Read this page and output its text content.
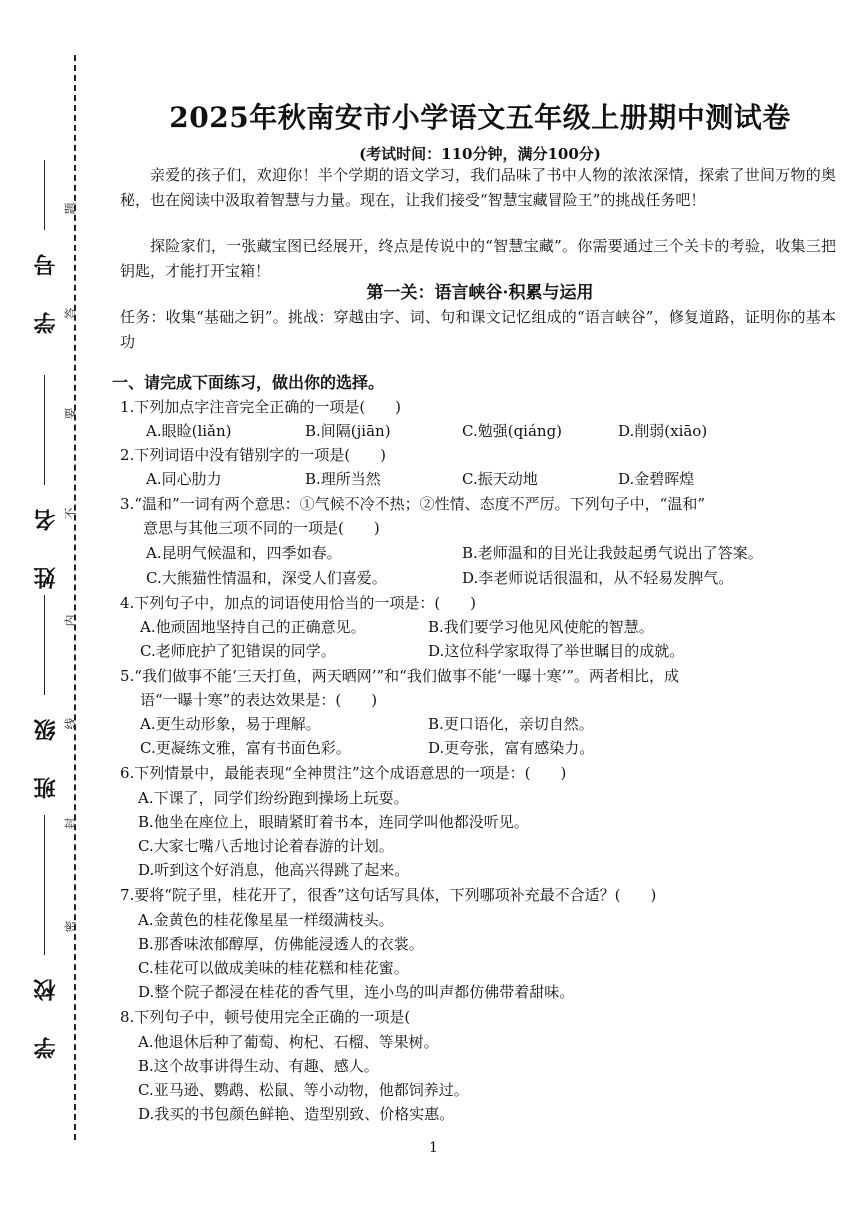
学 号
姓 名
班 级
学 校
题
答
要
不
内
线
封
密
2025年秋南安市小学语文五年级上册期中测试卷
(考试时间：110分钟，满分100分)
亲爱的孩子们，欢迎你！半个学期的语文学习，我们品味了书中人物的浓浓深情，探索了世间万物的奥秘，也在阅读中汲取着智慧与力量。现在，让我们接受“智慧宝藏冒险王”的挑战任务吧！
探险家们，一张藏宝图已经展开，终点是传说中的“智慧宝藏”。你需要通过三个关卡的考验，收集三把钥匙，才能打开宝箱！
第一关：语言峡谷·积累与运用
任务：收集“基础之钥”。挑战：穿越由字、词、句和课文记忆组成的“语言峡谷”，修复道路，证明你的基本功
一、请完成下面练习，做出你的选择。
1.下列加点字注音完全正确的一项是(　　)
A.眼睑(liǎn)	B.间隔(jiān)	C.勉强(qiáng)	D.削弱(xiāo)
2.下列词语中没有错别字的一项是(　　)
A.同心肋力	B.理所当然	C.振天动地	D.金碧晖煌
3.“温和”一词有两个意思：①气候不冷不热；②性情、态度不严厉。下列句子中，“温和”
意思与其他三项不同的一项是(　　)
A.昆明气候温和，四季如春。	B.老师温和的目光让我鼓起勇气说出了答案。
C.大熊猫性情温和，深受人们喜爱。	D.李老师说话很温和，从不轻易发脾气。
4.下列句子中，加点的词语使用恰当的一项是：(　　)
A.他顽固地坚持自己的正确意见。	B.我们要学习他见风使舵的智慧。
C.老师庇护了犯错误的同学。	D.这位科学家取得了举世瞩目的成就。
5.“我们做事不能‘三天打鱼，两天晒网’”和“我们做事不能‘一曝十寒’”。两者相比，成
语“一曝十寒”的表达效果是：(　　)
A.更生动形象，易于理解。	B.更口语化，亲切自然。
C.更凝练文雅，富有书面色彩。	D.更夸张，富有感染力。
6.下列情景中，最能表现“全神贯注”这个成语意思的一项是：(　　)
A.下课了，同学们纷纷跑到操场上玩耍。
B.他坐在座位上，眼睛紧盯着书本，连同学叫他都没听见。
C.大家七嘴八舌地讨论着春游的计划。
D.听到这个好消息，他高兴得跳了起来。
7.要将“院子里，桂花开了，很香”这句话写具体，下列哪项补充最不合适？(　　)
A.金黄色的桂花像星星一样缀满枝头。
B.那香味浓郁醇厚，仿佛能浸透人的衣裳。
C.桂花可以做成美味的桂花糕和桂花蜜。
D.整个院子都浸在桂花的香气里，连小鸟的叫声都仿佛带着甜味。
8.下列句子中，顿号使用完全正确的一项是(
A.他退休后种了葡萄、枸杞、石榴、等果树。
B.这个故事讲得生动、有趣、感人。
C.亚马逊、鹦鹉、松鼠、等小动物，他都饲养过。
D.我买的书包颜色鲜艳、造型别致、价格实惠。
1
